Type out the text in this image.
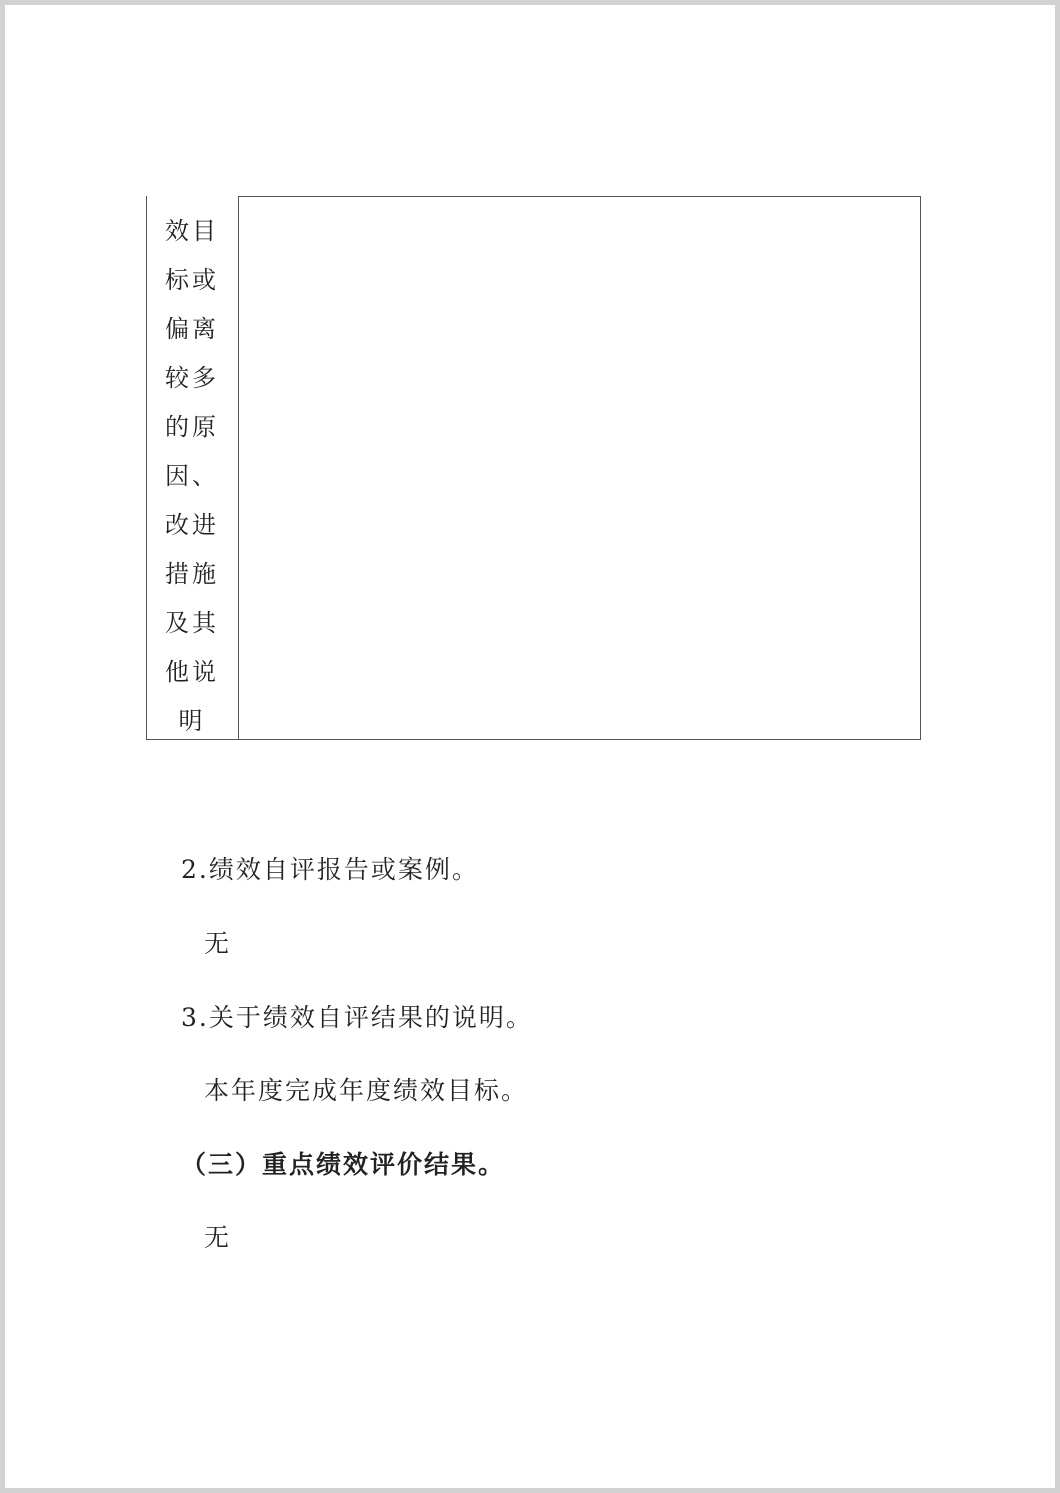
效目标或偏离较多的原因、改进措施及其他说明
2.绩效自评报告或案例。
无
3.关于绩效自评结果的说明。
本年度完成年度绩效目标。
（三）重点绩效评价结果。
无
